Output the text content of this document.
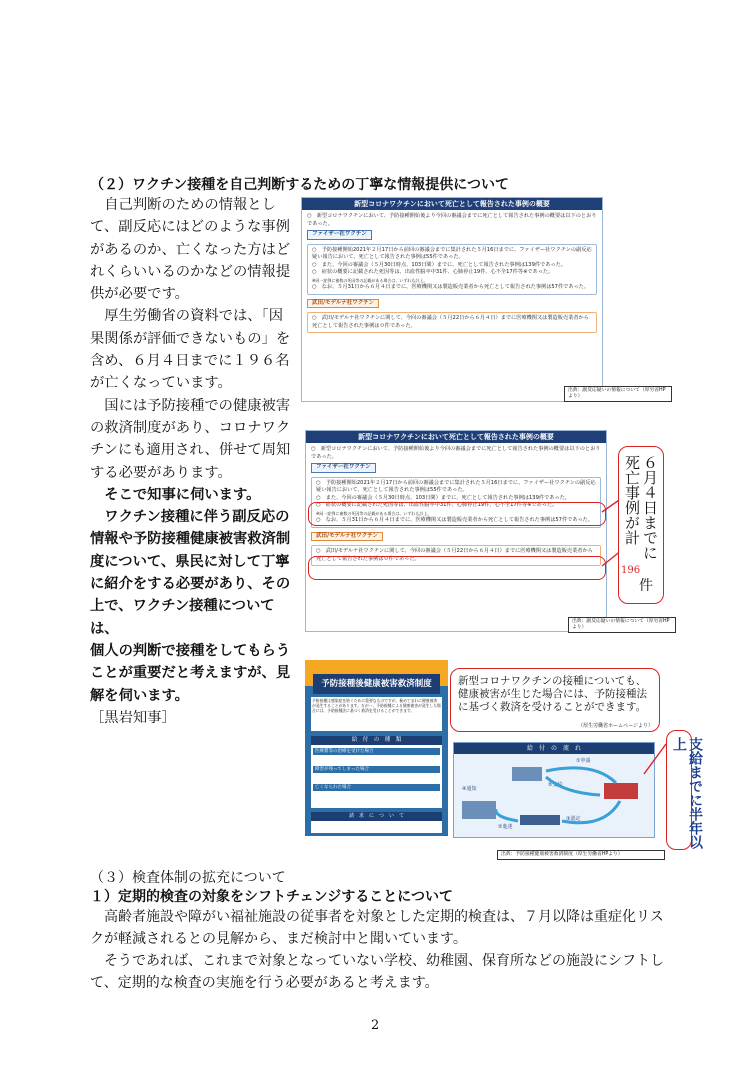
（２）ワクチン接種を自己判断するための丁寧な情報提供について

自己判断のための情報として、副反応にはどのような事例があるのか、亡くなった方はどれくらいいるのかなどの情報提供が必要です。

厚生労働省の資料では、「因果関係が評価できないもの」を含め、６月４日までに１９６名が亡くなっています。

国には予防接種での健康被害の救済制度があり、コロナワクチンにも適用され、併せて周知する必要があります。

そこで知事に伺います。

ワクチン接種に伴う副反応の
情報や予防接種健康被害救済制
度について、県民に対して丁寧
に紹介をする必要があり、その
上で、ワクチン接種については、
個人の判断で接種をしてもらう
ことが重要だと考えますが、見
解を伺います。

［黒岩知事］

新型コロナワクチンにおいて死亡として報告された事例の概要
○　新型コロナワクチンにおいて、予防接種開始後より今回の審議会までに死亡として報告された事例の概要は以下のとおりであった。
ファイザー社ワクチン
○　予防接種開始2021年２月17日から前回の審議会までに集計された５月16日までに、ファイザー社ワクチンの副反応疑い報告において、死亡として報告された事例は55件であった。
○　また、今回の審議会（５月30日時点、103日間）までに、死亡として報告された事例は139件であった。
○　症状の概要に記載された死因等は、出血性脳卒中31件、心肺停止19件、心不全17件等※であった。
※同一症例に複数の死因等の記載がある場合は、いずれも計上。
○　なお、５月31日から６月４日までに、医療機関又は製造販売業者から死亡として報告された事例は57件であった。
武田/モデルナ社ワクチン
○　武田/モデルナ社ワクチンに関して、今回の審議会（５月22日から６月４日）までに医療機関又は製造販売業者から死亡として報告された事例は０件であった。
出典：副反応疑いの情報について（厚労省HPより）
新型コロナワクチンにおいて死亡として報告された事例の概要
○　新型コロナワクチンにおいて、予防接種開始後より今回の審議会までに死亡として報告された事例の概要は以下のとおりであった。
ファイザー社ワクチン
○　予防接種開始2021年２月17日から前回の審議会までに集計された５月16日までに、ファイザー社ワクチンの副反応疑い報告において、死亡として報告された事例は55件であった。
○　また、今回の審議会（５月30日時点、103日間）までに、死亡として報告された事例は139件であった。
○　症状の概要に記載された死因等は、出血性脳卒中31件、心肺停止19件、心不全17件等※であった。
※同一症例に複数の死因等の記載がある場合は、いずれも計上。
○　なお、５月31日から６月４日までに、医療機関又は製造販売業者から死亡として報告された事例は57件であった。
武田/モデルナ社ワクチン
○　武田/モデルナ社ワクチンに関して、今回の審議会（５月22日から６月４日）までに医療機関又は製造販売業者から死亡として報告された事例は０件であった。	６月４日までに
死亡事例が計
196
件
出典：副反応疑いの情報について（厚労省HPより）
予防接種後健康被害救済制度
予防接種は感染症を防ぐために重要なものですが、極めてまれに健康被害が発生することがあります。万が一、予防接種による健康被害が発生した場合には、予防接種法に基づく救済を受けることができます。
給　付　の　種　類
医療費等の治療を受けた場合
障害が残ってしまった場合
亡くなられた場合
請　求　に　つ　い　て
新型コロナワクチンの接種についても、健康被害が生じた場合には、予防接種法に基づく救済を受けることができます。
（厚生労働省ホームページより）
給　付　の　流　れ
①申請
②進達
③認定
④通知
⑤支給	支給までに半年以上
出典：予防接種健康被害救済制度（厚生労働省HPより）
（３）検査体制の拡充について
１）定期的検査の対象をシフトチェンジすることについて
高齢者施設や障がい福祉施設の従事者を対象とした定期的検査は、７月以降は重症化リスクが軽減されるとの見解から、まだ検討中と聞いています。
そうであれば、これまで対象となっていない学校、幼稚園、保育所などの施設にシフトして、定期的な検査の実施を行う必要があると考えます。
2
